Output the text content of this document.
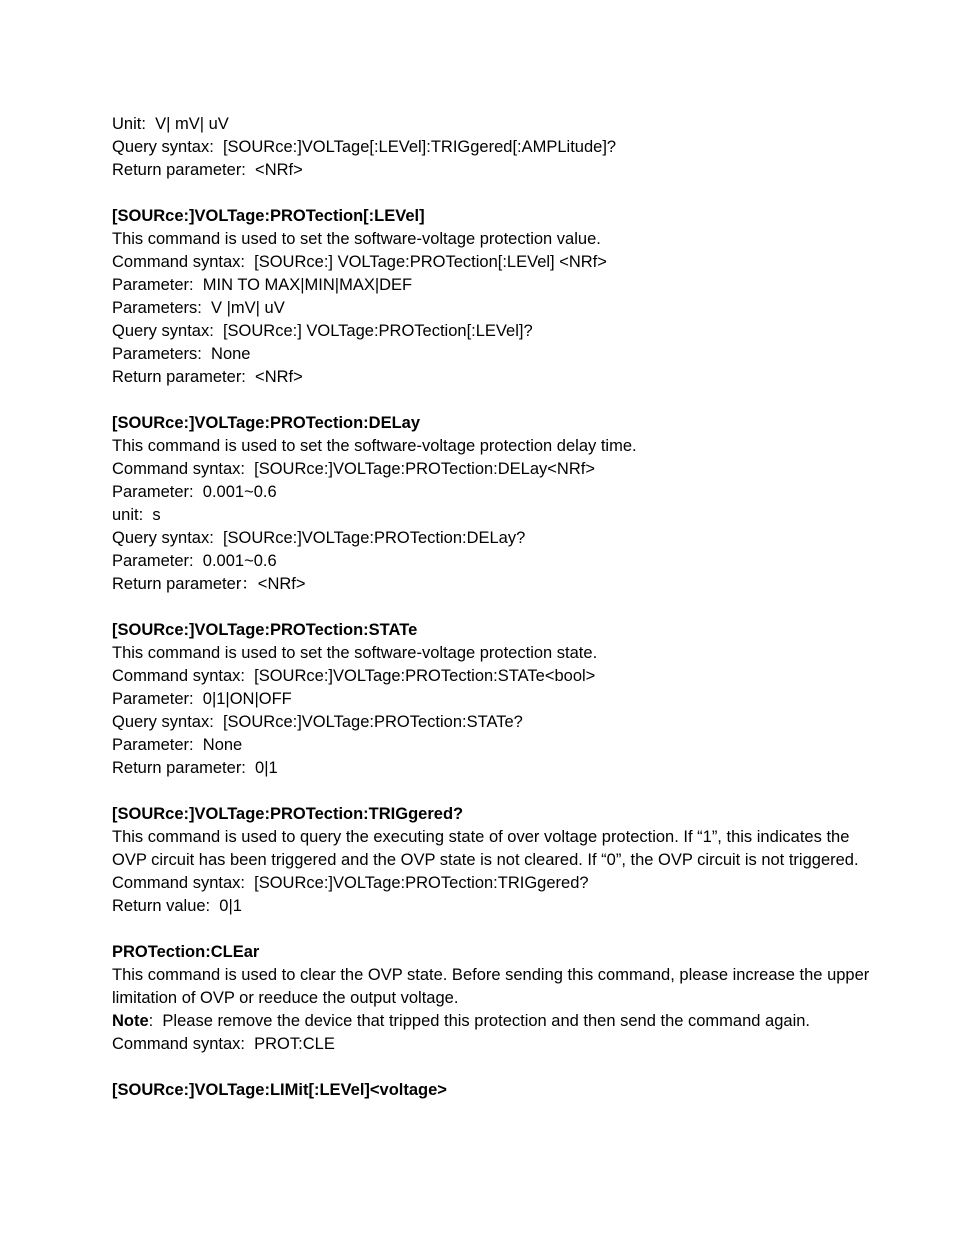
Unit:  V| mV| uV
Query syntax:  [SOURce:]VOLTage[:LEVel]:TRIGgered[:AMPLitude]?
Return parameter:  <NRf>
[SOURce:]VOLTage:PROTection[:LEVel]
This command is used to set the software-voltage protection value.
Command syntax:  [SOURce:] VOLTage:PROTection[:LEVel] <NRf>
Parameter:  MIN TO MAX|MIN|MAX|DEF
Parameters:  V |mV| uV
Query syntax:  [SOURce:] VOLTage:PROTection[:LEVel]?
Parameters:  None
Return parameter:  <NRf>
[SOURce:]VOLTage:PROTection:DELay
This command is used to set the software-voltage protection delay time.
Command syntax:  [SOURce:]VOLTage:PROTection:DELay<NRf>
Parameter:  0.001~0.6
unit:  s
Query syntax:  [SOURce:]VOLTage:PROTection:DELay?
Parameter:  0.001~0.6
Return parameter：<NRf>
[SOURce:]VOLTage:PROTection:STATe
This command is used to set the software-voltage protection state.
Command syntax:  [SOURce:]VOLTage:PROTection:STATe<bool>
Parameter:  0|1|ON|OFF
Query syntax:  [SOURce:]VOLTage:PROTection:STATe?
Parameter:  None
Return parameter:  0|1
[SOURce:]VOLTage:PROTection:TRIGgered?
This command is used to query the executing state of over voltage protection. If “1”, this indicates the OVP circuit has been triggered and the OVP state is not cleared. If “0”, the OVP circuit is not triggered.
Command syntax:  [SOURce:]VOLTage:PROTection:TRIGgered?
Return value:  0|1
PROTection:CLEar
This command is used to clear the OVP state. Before sending this command, please increase the upper limitation of OVP or reeduce the output voltage.
Note:  Please remove the device that tripped this protection and then send the command again.
Command syntax:  PROT:CLE
[SOURce:]VOLTage:LIMit[:LEVel]<voltage>
